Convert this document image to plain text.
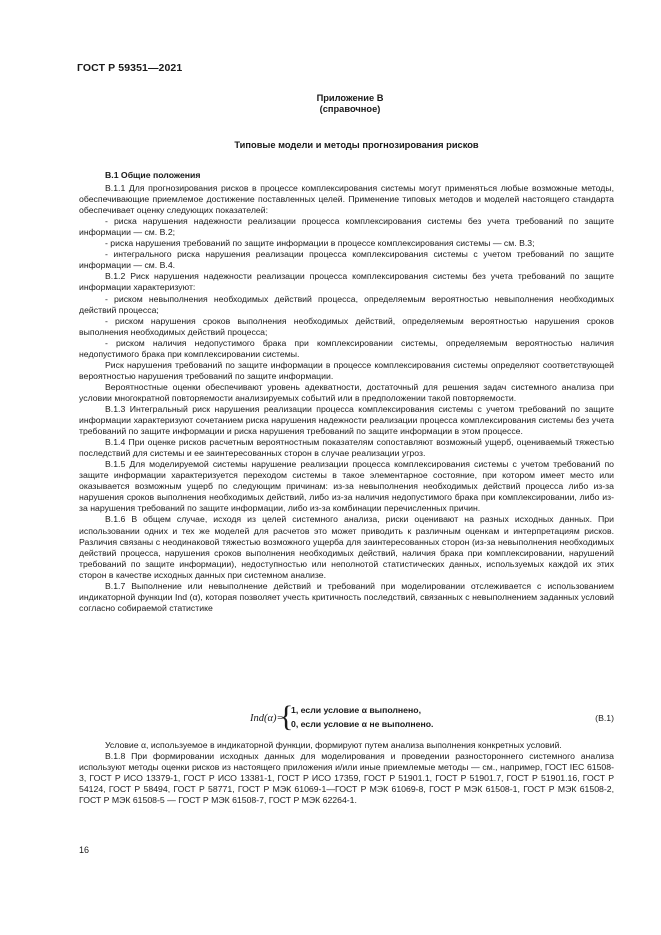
ГОСТ Р 59351—2021
Приложение В
(справочное)
Типовые модели и методы прогнозирования рисков

В.1 Общие положения

В.1.1 Для прогнозирования рисков в процессе комплексирования системы могут применяться любые возможные методы, обеспечивающие приемлемое достижение поставленных целей. Применение типовых методов и моделей настоящего стандарта обеспечивает оценку следующих показателей:

- риска нарушения надежности реализации процесса комплексирования системы без учета требований по защите информации — см. В.2;

- риска нарушения требований по защите информации в процессе комплексирования системы — см. В.3;

- интегрального риска нарушения реализации процесса комплексирования системы с учетом требований по защите информации — см. В.4.

В.1.2 Риск нарушения надежности реализации процесса комплексирования системы без учета требований по защите информации характеризуют:

- риском невыполнения необходимых действий процесса, определяемым вероятностью невыполнения необходимых действий процесса;

- риском нарушения сроков выполнения необходимых действий, определяемым вероятностью нарушения сроков выполнения необходимых действий процесса;

- риском наличия недопустимого брака при комплексировании системы, определяемым вероятностью наличия недопустимого брака при комплексировании системы.

Риск нарушения требований по защите информации в процессе комплексирования системы определяют соответствующей вероятностью нарушения требований по защите информации.

Вероятностные оценки обеспечивают уровень адекватности, достаточный для решения задач системного анализа при условии многократной повторяемости анализируемых событий или в предположении такой повторяемости.

В.1.3 Интегральный риск нарушения реализации процесса комплексирования системы с учетом требований по защите информации характеризуют сочетанием риска нарушения надежности реализации процесса комплексирования системы без учета требований по защите информации и риска нарушения требований по защите информации в этом процессе.

В.1.4 При оценке рисков расчетным вероятностным показателям сопоставляют возможный ущерб, оцениваемый тяжестью последствий для системы и ее заинтересованных сторон в случае реализации угроз.

В.1.5 Для моделируемой системы нарушение реализации процесса комплексирования системы с учетом требований по защите информации характеризуется переходом системы в такое элементарное состояние, при котором имеет место или оказывается возможным ущерб по следующим причинам: из-за невыполнения необходимых действий процесса либо из-за нарушения сроков выполнения необходимых действий, либо из-за наличия недопустимого брака при комплексировании, либо из-за нарушения требований по защите информации, либо из-за комбинации перечисленных причин.

В.1.6 В общем случае, исходя из целей системного анализа, риски оценивают на разных исходных данных. При использовании одних и тех же моделей для расчетов это может приводить к различным оценкам и интерпретациям рисков. Различия связаны с неодинаковой тяжестью возможного ущерба для заинтересованных сторон (из-за невыполнения необходимых действий процесса, нарушения сроков выполнения необходимых действий, наличия брака при комплексировании, нарушений требований по защите информации), недоступностью или неполнотой статистических данных, используемых каждой их этих сторон в качестве исходных данных при системном анализе.

В.1.7 Выполнение или невыполнение действий и требований при моделировании отслеживается с использованием индикаторной функции Ind (α), которая позволяет учесть критичность последствий, связанных с невыполнением заданных условий согласно собираемой статистике

Ind(α)=
{
1, если условие α выполнено,
0, если условие α не выполнено.
(В.1)

Условие α, используемое в индикаторной функции, формируют путем анализа выполнения конкретных условий.

В.1.8 При формировании исходных данных для моделирования и проведении разностороннего системного анализа используют методы оценки рисков из настоящего приложения и/или иные приемлемые методы — см., например, ГОСТ IEC 61508-3, ГОСТ Р ИСО 13379-1, ГОСТ Р ИСО 13381-1, ГОСТ Р ИСО 17359, ГОСТ Р 51901.1, ГОСТ Р 51901.7, ГОСТ Р 51901.16, ГОСТ Р 54124, ГОСТ Р 58494, ГОСТ Р 58771, ГОСТ Р МЭК 61069-1—ГОСТ Р МЭК 61069-8, ГОСТ Р МЭК 61508-1, ГОСТ Р МЭК 61508-2, ГОСТ Р МЭК 61508-5 — ГОСТ Р МЭК 61508-7, ГОСТ Р МЭК 62264-1.

16
